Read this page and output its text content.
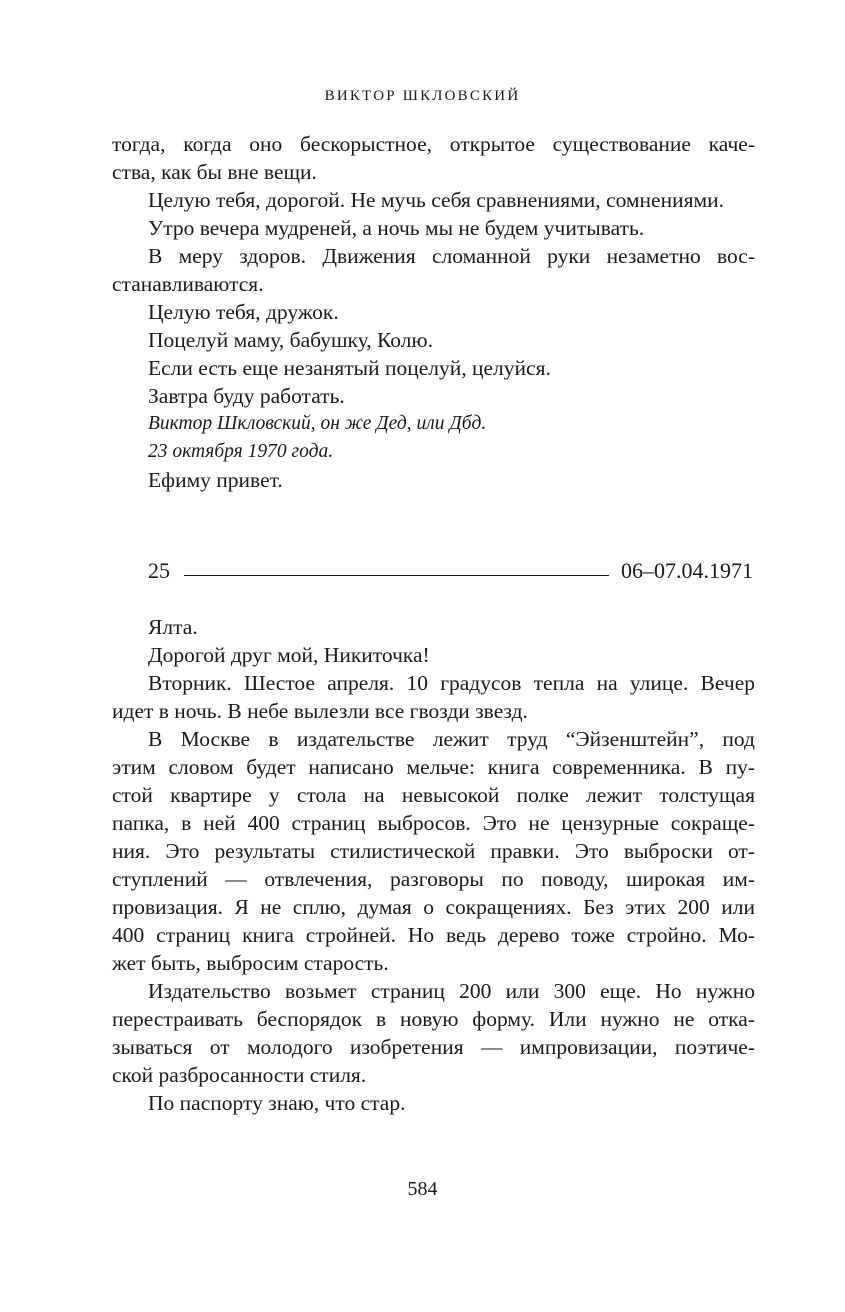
ВИКТОР ШКЛОВСКИЙ
тогда, когда оно бескорыстное, открытое существование каче-
ства, как бы вне вещи.
Целую тебя, дорогой. Не мучь себя сравнениями, сомнениями.
Утро вечера мудреней, а ночь мы не будем учитывать.
В меру здоров. Движения сломанной руки незаметно вос-
станавливаются.
Целую тебя, дружок.
Поцелуй маму, бабушку, Колю.
Если есть еще незанятый поцелуй, целуйся.
Завтра буду работать.
Виктор Шкловский, он же Дед, или Дбд.
23 октября 1970 года.
Ефиму привет.
25	06–07.04.1971
Ялта.
Дорогой друг мой, Никиточка!
Вторник. Шестое апреля. 10 градусов тепла на улице. Вечер
идет в ночь. В небе вылезли все гвозди звезд.
В Москве в издательстве лежит труд “Эйзенштейн”, под
этим словом будет написано мельче: книга современника. В пу-
стой квартире у стола на невысокой полке лежит толстущая
папка, в ней 400 страниц выбросов. Это не цензурные сокраще-
ния. Это результаты стилистической правки. Это выброски от-
ступлений — отвлечения, разговоры по поводу, широкая им-
провизация. Я не сплю, думая о сокращениях. Без этих 200 или
400 страниц книга стройней. Но ведь дерево тоже стройно. Мо-
жет быть, выбросим старость.
Издательство возьмет страниц 200 или 300 еще. Но нужно
перестраивать беспорядок в новую форму. Или нужно не отка-
зываться от молодого изобретения — импровизации, поэтиче-
ской разбросанности стиля.
По паспорту знаю, что стар.
584
